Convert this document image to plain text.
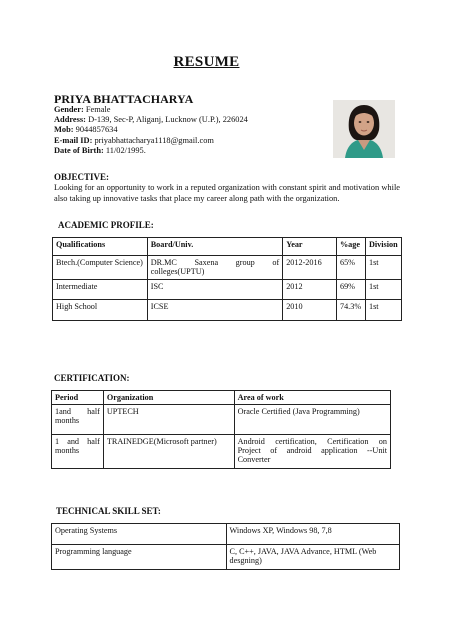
RESUME
PRIYA BHATTACHARYA
Gender: Female
Address: D-139, Sec-P, Aliganj, Lucknow (U.P.), 226024
Mob: 9044857634
E-mail ID: priyabhattacharya1118@gmail.com
Date of Birth: 11/02/1995.
OBJECTIVE:
Looking for an opportunity to work in a reputed organization with constant spirit and motivation while also taking up innovative tasks that place my career along path with the organization.
ACADEMIC PROFILE:
Qualifications	Board/Univ.	Year	%age	Division
Btech.(Computer Science)	DR.MC Saxena group of colleges(UPTU)	2012-2016	65%	1st
Intermediate	ISC	2012	69%	1st
High School	ICSE	2010	74.3%	1st
CERTIFICATION:
Period	Organization	Area of work
1and half months	UPTECH	Oracle Certified (Java Programming)
1 and half months	TRAINEDGE(Microsoft partner)	Android certification, Certification on Project of android application --Unit Converter
TECHNICAL SKILL SET:
Operating Systems	Windows XP, Windows 98, 7,8
Programming language	C, C++, JAVA, JAVA Advance, HTML (Web desgning)
